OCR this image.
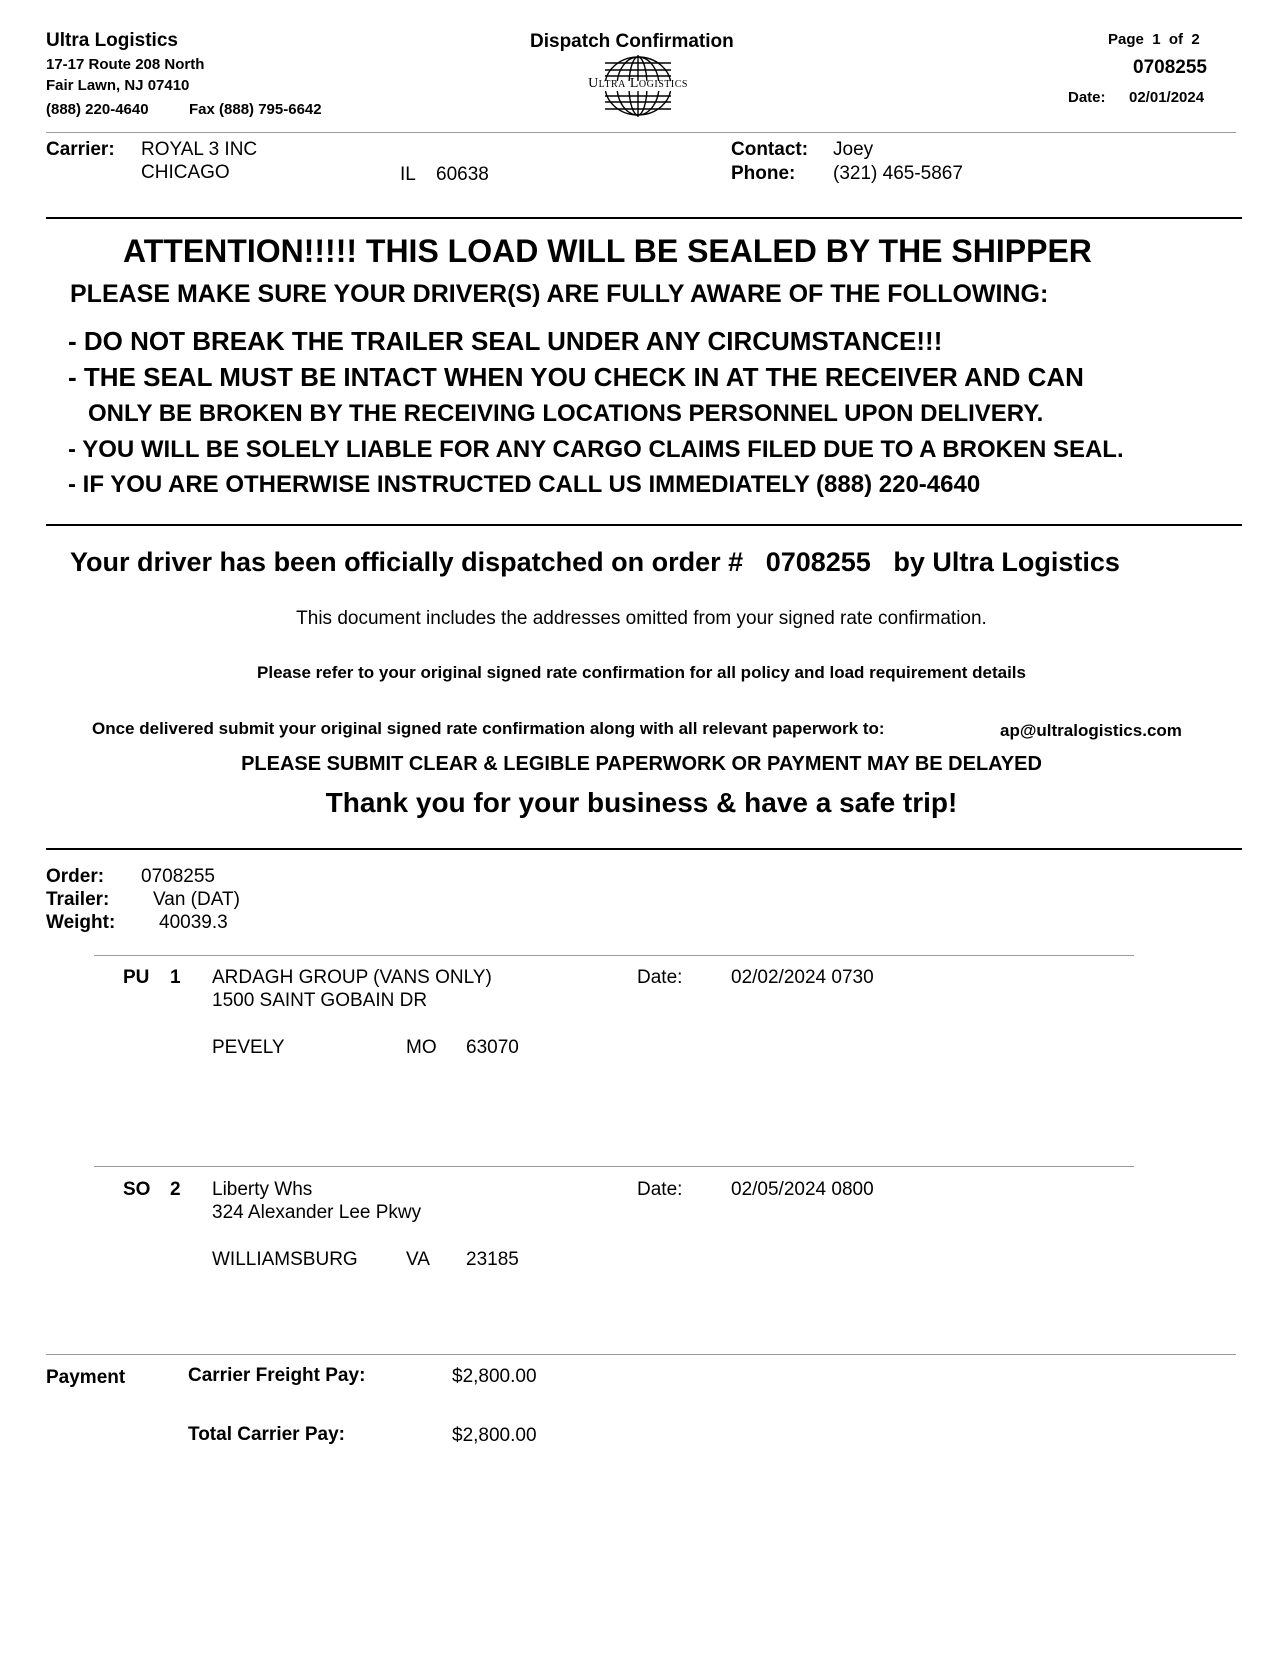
Ultra Logistics
17-17 Route 208 North
Fair Lawn, NJ 07410
(888) 220-4640	Fax (888) 795-6642
Dispatch Confirmation
Ultra Logistics
Page 1 of 2
0708255
Date: 02/01/2024
Carrier: ROYAL 3 INC
CHICAGO	IL 60638
Contact: Joey
Phone: (321) 465-5867
ATTENTION!!!!! THIS LOAD WILL BE SEALED BY THE SHIPPER
PLEASE MAKE SURE YOUR DRIVER(S) ARE FULLY AWARE OF THE FOLLOWING:
- DO NOT BREAK THE TRAILER SEAL UNDER ANY CIRCUMSTANCE!!!
- THE SEAL MUST BE INTACT WHEN YOU CHECK IN AT THE RECEIVER AND CAN
ONLY BE BROKEN BY THE RECEIVING LOCATIONS PERSONNEL UPON DELIVERY.
- YOU WILL BE SOLELY LIABLE FOR ANY CARGO CLAIMS FILED DUE TO A BROKEN SEAL.
- IF YOU ARE OTHERWISE INSTRUCTED CALL US IMMEDIATELY (888) 220-4640
Your driver has been officially dispatched on order # 0708255 by Ultra Logistics
This document includes the addresses omitted from your signed rate confirmation.
Please refer to your original signed rate confirmation for all policy and load requirement details
Once delivered submit your original signed rate confirmation along with all relevant paperwork to:	ap@ultralogistics.com
PLEASE SUBMIT CLEAR & LEGIBLE PAPERWORK OR PAYMENT MAY BE DELAYED
Thank you for your business & have a safe trip!
Order: 0708255
Trailer: Van (DAT)
Weight: 40039.3
PU 1 ARDAGH GROUP (VANS ONLY)
1500 SAINT GOBAIN DR
PEVELY	MO 63070
Date:	02/02/2024 0730
SO 2 Liberty Whs
324 Alexander Lee Pkwy
WILLIAMSBURG	VA 23185
Date:	02/05/2024 0800
Payment	Carrier Freight Pay:	$2,800.00
Total Carrier Pay:	$2,800.00
